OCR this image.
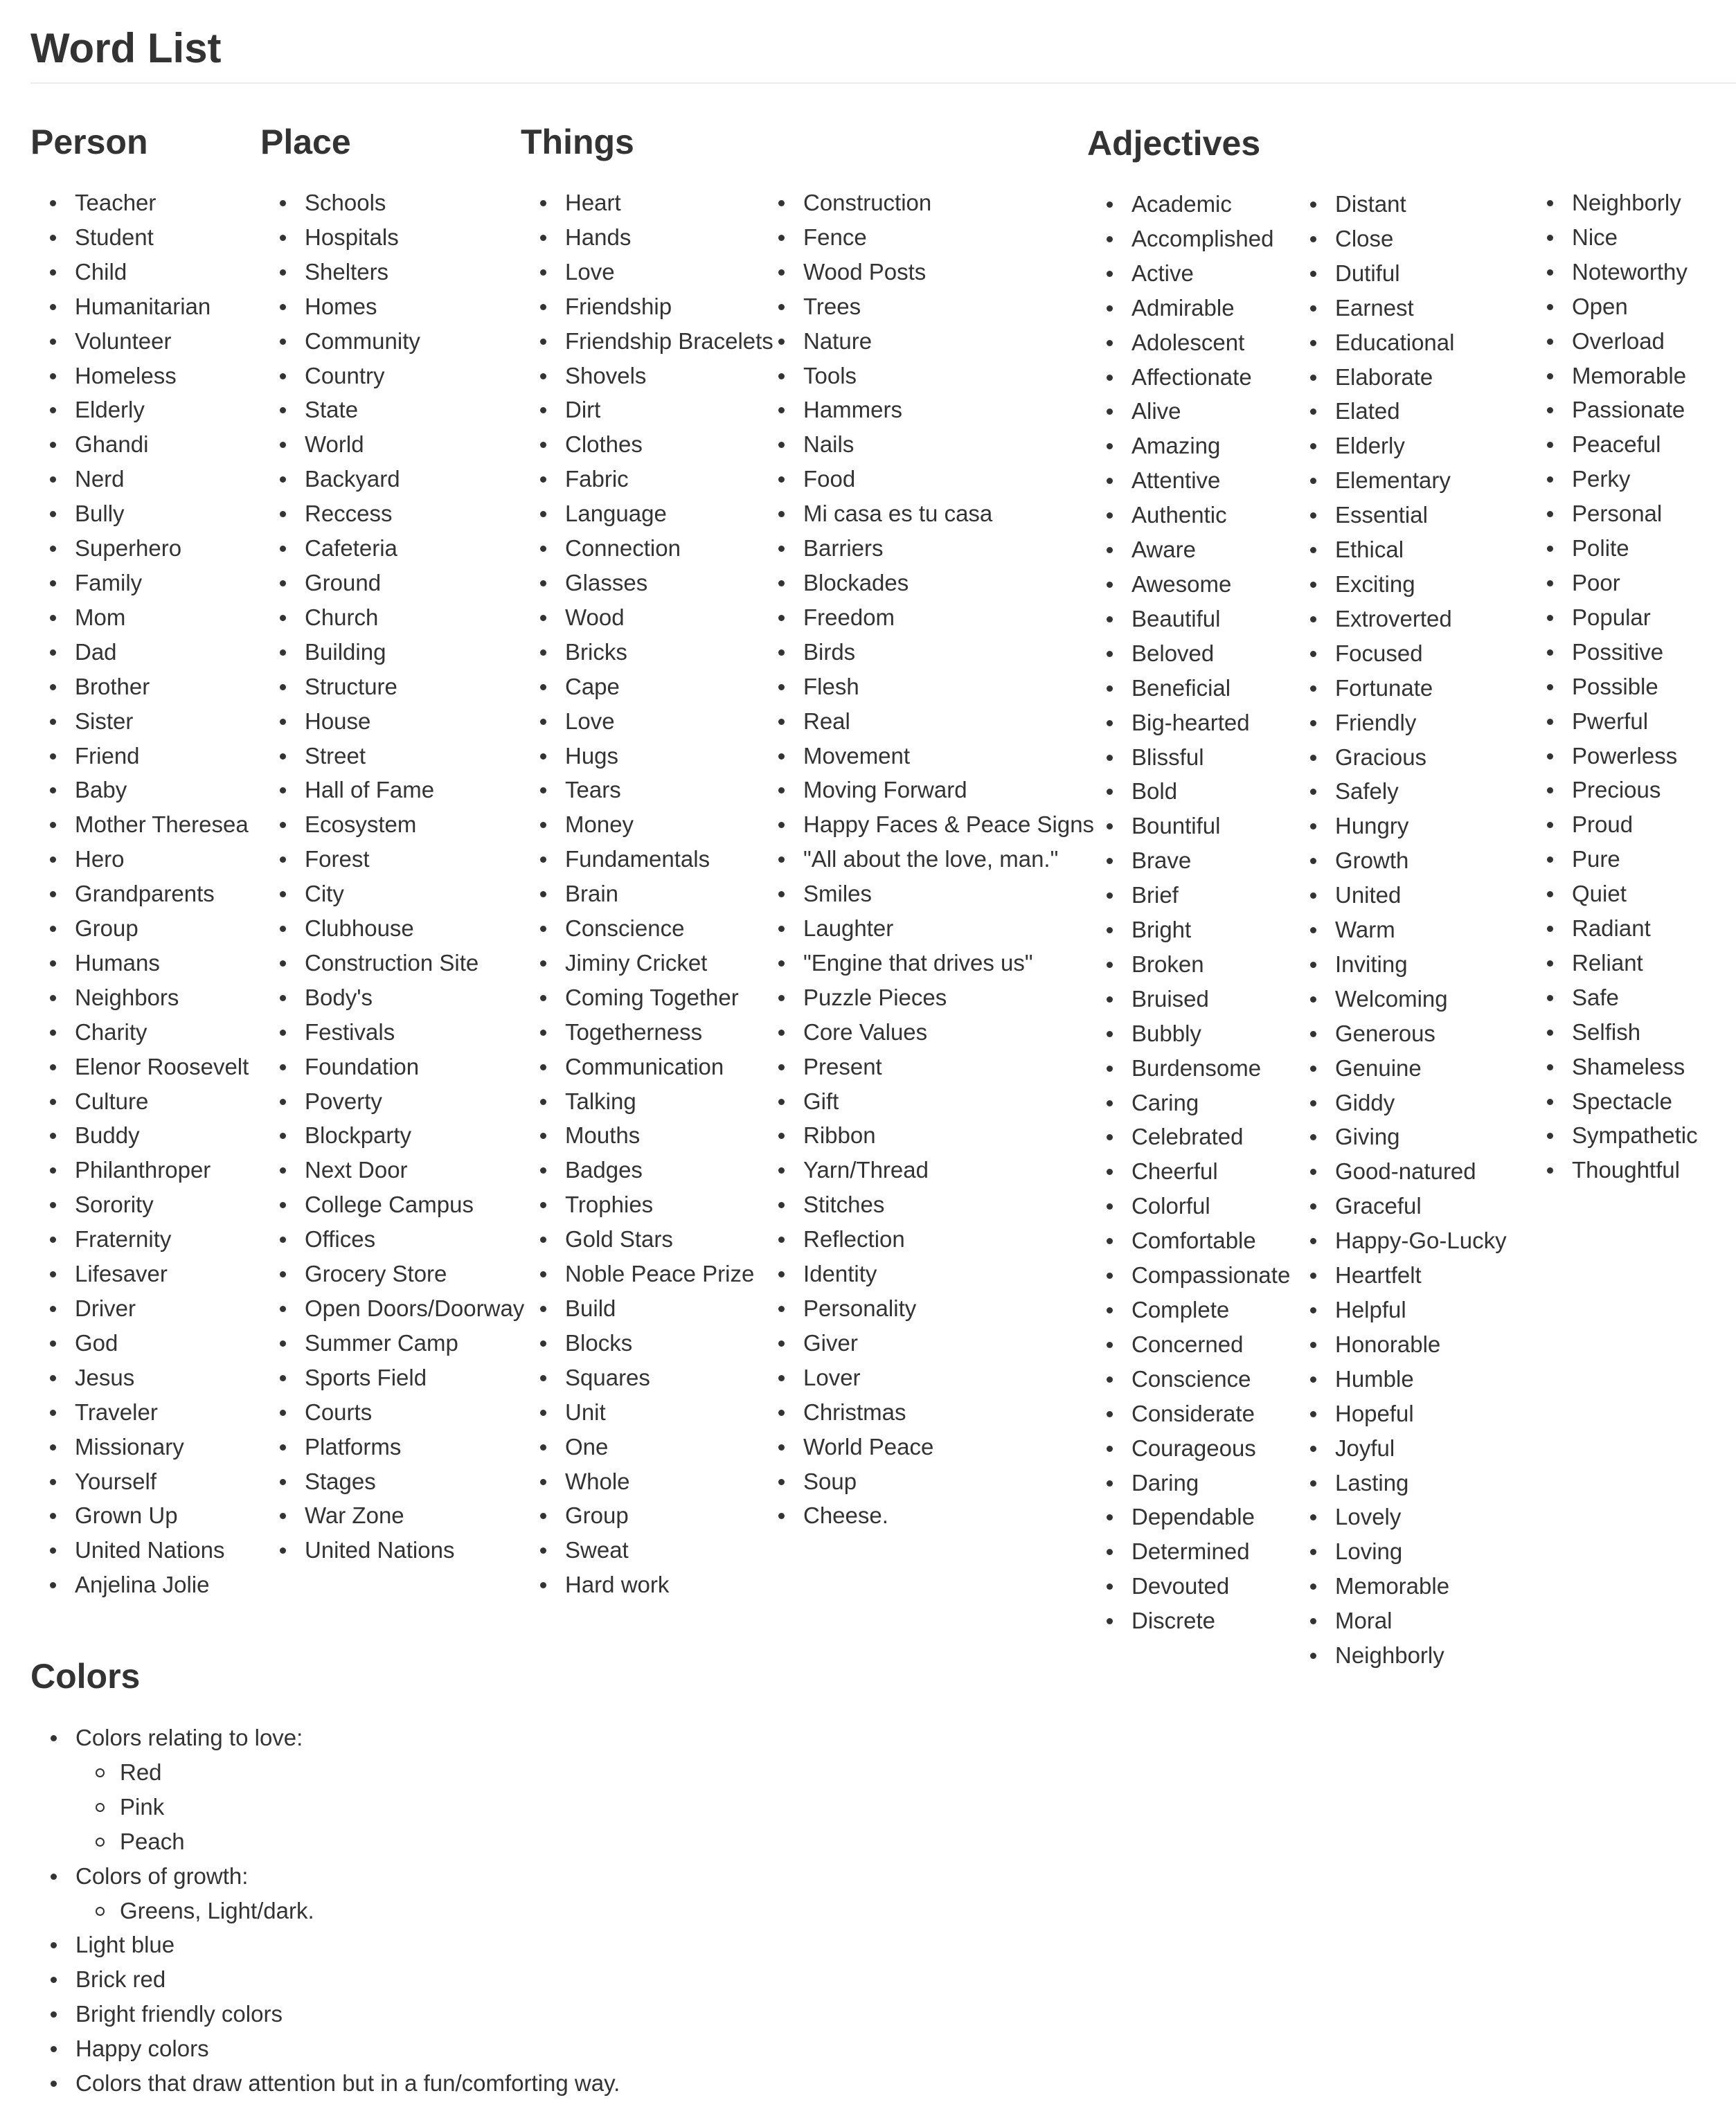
Word List
Person
Teacher
Student
Child
Humanitarian
Volunteer
Homeless
Elderly
Ghandi
Nerd
Bully
Superhero
Family
Mom
Dad
Brother
Sister
Friend
Baby
Mother Theresea
Hero
Grandparents
Group
Humans
Neighbors
Charity
Elenor Roosevelt
Culture
Buddy
Philanthroper
Sorority
Fraternity
Lifesaver
Driver
God
Jesus
Traveler
Missionary
Yourself
Grown Up
United Nations
Anjelina Jolie
Place
Schools
Hospitals
Shelters
Homes
Community
Country
State
World
Backyard
Reccess
Cafeteria
Ground
Church
Building
Structure
House
Street
Hall of Fame
Ecosystem
Forest
City
Clubhouse
Construction Site
Body's
Festivals
Foundation
Poverty
Blockparty
Next Door
College Campus
Offices
Grocery Store
Open Doors/Doorway
Summer Camp
Sports Field
Courts
Platforms
Stages
War Zone
United Nations
Things
Heart
Hands
Love
Friendship
Friendship Bracelets
Shovels
Dirt
Clothes
Fabric
Language
Connection
Glasses
Wood
Bricks
Cape
Love
Hugs
Tears
Money
Fundamentals
Brain
Conscience
Jiminy Cricket
Coming Together
Togetherness
Communication
Talking
Mouths
Badges
Trophies
Gold Stars
Noble Peace Prize
Build
Blocks
Squares
Unit
One
Whole
Group
Sweat
Hard work
Construction
Fence
Wood Posts
Trees
Nature
Tools
Hammers
Nails
Food
Mi casa es tu casa
Barriers
Blockades
Freedom
Birds
Flesh
Real
Movement
Moving Forward
Happy Faces & Peace Signs
"All about the love, man."
Smiles
Laughter
"Engine that drives us"
Puzzle Pieces
Core Values
Present
Gift
Ribbon
Yarn/Thread
Stitches
Reflection
Identity
Personality
Giver
Lover
Christmas
World Peace
Soup
Cheese.
Adjectives
Academic
Accomplished
Active
Admirable
Adolescent
Affectionate
Alive
Amazing
Attentive
Authentic
Aware
Awesome
Beautiful
Beloved
Beneficial
Big-hearted
Blissful
Bold
Bountiful
Brave
Brief
Bright
Broken
Bruised
Bubbly
Burdensome
Caring
Celebrated
Cheerful
Colorful
Comfortable
Compassionate
Complete
Concerned
Conscience
Considerate
Courageous
Daring
Dependable
Determined
Devouted
Discrete
Distant
Close
Dutiful
Earnest
Educational
Elaborate
Elated
Elderly
Elementary
Essential
Ethical
Exciting
Extroverted
Focused
Fortunate
Friendly
Gracious
Safely
Hungry
Growth
United
Warm
Inviting
Welcoming
Generous
Genuine
Giddy
Giving
Good-natured
Graceful
Happy-Go-Lucky
Heartfelt
Helpful
Honorable
Humble
Hopeful
Joyful
Lasting
Lovely
Loving
Memorable
Moral
Neighborly
Neighborly
Nice
Noteworthy
Open
Overload
Memorable
Passionate
Peaceful
Perky
Personal
Polite
Poor
Popular
Possitive
Possible
Pwerful
Powerless
Precious
Proud
Pure
Quiet
Radiant
Reliant
Safe
Selfish
Shameless
Spectacle
Sympathetic
Thoughtful
Colors
Colors relating to love:
Red
Pink
Peach
Colors of growth:
Greens, Light/dark.
Light blue
Brick red
Bright friendly colors
Happy colors
Colors that draw attention but in a fun/comforting way.
